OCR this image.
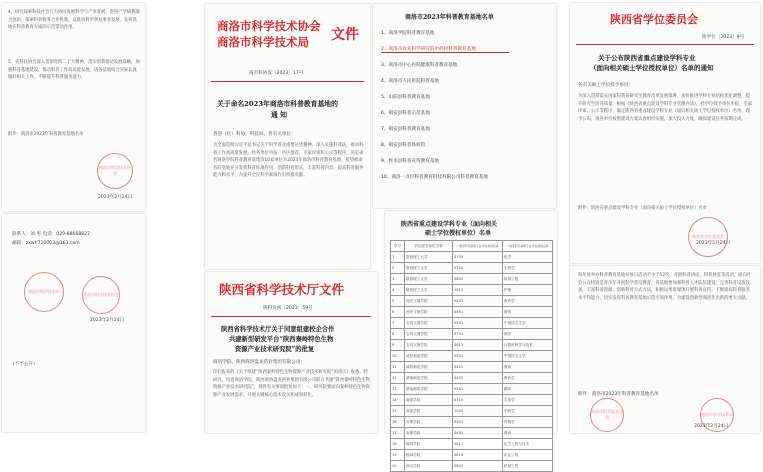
4、研究探索科技社会互为协同发展科学与产业发展，促进产学研教融合创新，探索科普服务合作机制，以推动科学普及事业发展，发挥基地在科普教育方面的示范带动作用。
5、省科技协会深入贯彻党的二十大精神，落实创新驱动发展战略，加强科普基地建设，推动科普工作高质量发展。请各基地结合实际认真做好相关工作，不断提升科普服务能力。
附件：商洛市2023年科普教育基地名单
商洛市科学技术协会
2023年2月24日
联系人：刘 男 电话：029-88668827
邮箱：zxwh710003@163.com
商洛市科学技术局
商洛市科学技术协会
2023年2月24日
（不予公开）
商洛市科学技术协会
商洛市科学技术局 文件
商市科协发〔2023〕17号
关于命名2023年商洛市科普教育基地的
通 知
各县（区）科协、科技局，各有关单位：
为全面贯彻习近平总书记关于科学普及重要论述精神，深入实施科普法，推动科普工作高质量发展，经各单位申报、县区推荐、专家评审和公示等程序，决定命名商洛学院科普教育基地等10家单位为2023年商洛市科普教育基地。希望被命名的基地充分发挥科普阵地作用，创新科普形式，丰富科普内容，提高科普服务能力和水平，为提升全民科学素质作出积极贡献。
商洛市2023年科普教育基地名单
1、商洛学院科普教育基地
2、商洛市农业科学研究院中药材科普教育基地
3、商洛市中心医院健康科普教育基地
4、商洛市人民医院科普基地
5、山阳县科普教育基地
6、镇安县科普示范基地
7、镇安县科普教育基地
8、镇安县科普体验馆
9、柞水县科普宣传教育基地
10、商洛一点位科普教育科技有限公司科普教育基地
陕西省学位委员会
陕学位〔2023〕9号
关于公布陕西省重点建设学科专业
（面向相关硕士学位授权单位）名单的通知
各有关硕士学位授予单位：
为深入贯彻落实国家和我省研究生教育改革发展部署，加快推进学科专业结构优化调整，提升研究生培养质量，根据《陕西省重点建设学科专业管理办法》，经学位授予单位申报、专家评审、公示等程序，确定陕西省重点建设学科专业（面向相关硕士学位授权单位）名单。现予公布，请各单位按照建设方案认真组织实施，加大投入力度，确保建设任务按期完成。
附件：陕西省重点建设学科专业（面向相关硕士学位授权单位）名单
陕西省学位委员会
2023年5月24日
陕西省重点建设学科专业（面向相关
硕士学位授权单位）名单
序号	学位授予单位名称	一级学科代码或专业学位类别代码	一级学科名称或专业学位类别名称
1	陕西理工大学	0703	化学
2	陕西理工大学	0710	生物学
3	陕西理工大学	0802	机械工程
4	陕西理工大学	1011	护理
5	西安文理学院	0401	教育学
6	西安文理学院	0451	教育
7	宝鸡文理学院	0501	中国语言文学
8	宝鸡文理学院	0701	数学
9	宝鸡文理学院	0812	计算机科学与技术
10	咸阳师范学院	0501	中国语言文学
11	咸阳师范学院	0451	教育
12	渭南师范学院	0401	教育学
13	渭南师范学院	0551	翻译
14	商洛学院	0710	生物学
15	商洛学院	1055	中药学
16	安康学院	0901	作物学
17	安康学院	0451	教育
18	榆林学院	0817	化学工程与技术
19	榆林学院	0819	矿业工程
20	西京学院	0802	机械工程
陕西省科学技术厅文件
陕科发函〔2023〕59号
陕西省科学技术厅关于同意组建校企合作
共建新型研发平台“陕西秦岭特色生物
资源产业技术研究院”的批复
商洛学院、陕西商洛盘龙药业集团有限公司：
你们报来的《关于组建“陕西秦岭特色生物资源产业技术研究院”的请示》收悉。经研究，同意商洛学院、陕西商洛盘龙药业集团有限公司联合共建“陕西秦岭特色生物资源产业技术研究院”，现将有关事项批复如下：一、研究院要面向秦岭特色生物资源产业发展需求，开展关键核心技术攻关和成果转化。
每年度举办科普教育基地开放日活动不少于12次，开展科普讲座、科普展览等活动，面向社会公众特别是青少年开展科学普及教育。各基地要加强科普人才队伍建设，完善科普设施设备，丰富科普资源，创新科普方式方法，积极运用新媒体开展科普宣传，不断提高科普服务水平和能力，切实发挥科普教育基地示范引领作用，为建设创新型商洛作出新的更大贡献。
附件：商洛市2023年科普教育基地名单
商洛市科学技术协会
商洛市科学技术局
2023年2月24日
